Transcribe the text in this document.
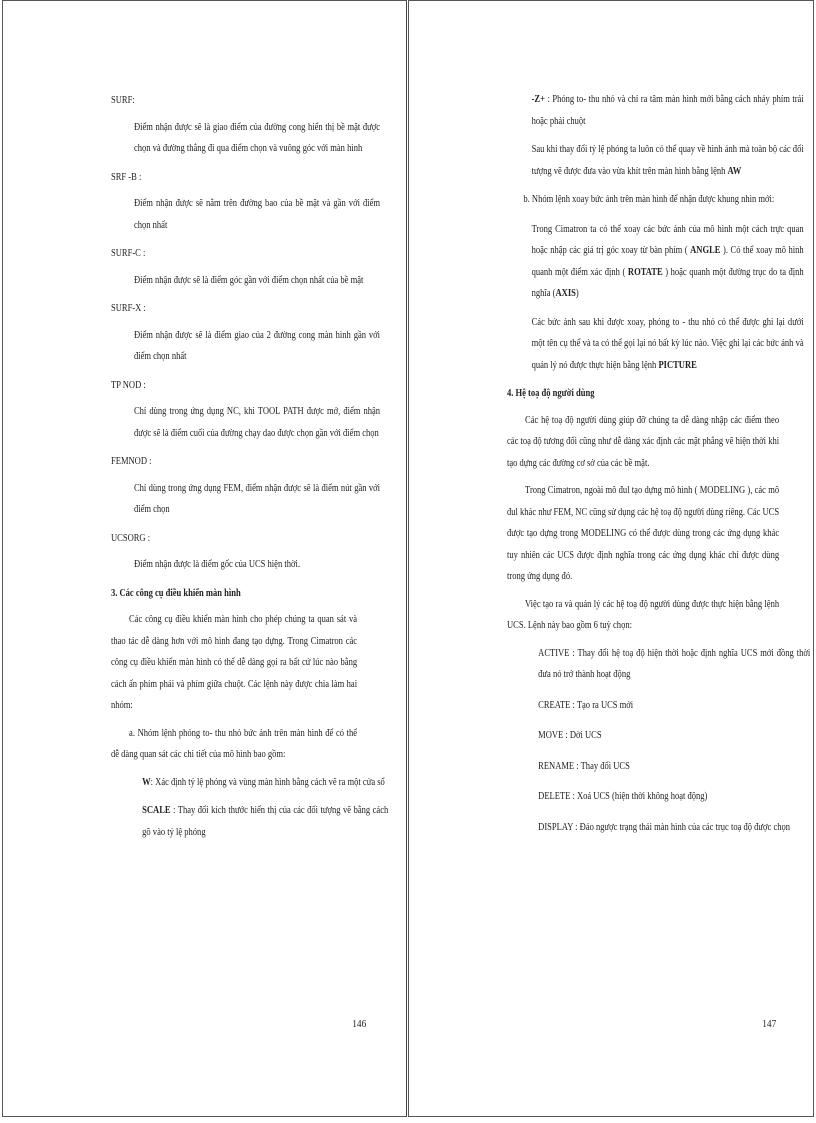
SURF:

Điểm nhận được sẽ là giao điểm của đường cong hiển thị bề mặt được chọn và đường thẳng đi qua điểm chọn và vuông góc với màn hình

SRF -B :

Điểm nhận được sẽ nằm trên đường bao của bề mặt và gần với điểm chọn nhất

SURF-C :

Điểm nhận được sẽ là điểm góc gần với điểm chọn nhất của bề mặt

SURF-X :

Điểm nhận được sẽ là điểm giao của 2 đường cong màn hình gần với điểm chọn nhất

TP NOD :

Chỉ dùng trong ứng dụng NC, khi TOOL PATH được mở, điểm nhận được sẽ là điểm cuối của đường chạy dao được chọn gần với điểm chọn

FEMNOD :

Chỉ dùng trong ứng dụng FEM, điểm nhận được sẽ là điểm nút gần với điểm chọn

UCSORG :

Điểm nhận được là điểm gốc của UCS hiện thời.

3. Các công cụ điều khiển màn hình

Các công cụ điều khiển màn hình cho phép chúng ta quan sát và thao tác dễ dàng hơn với mô hình đang tạo dựng. Trong Cimatron các công cụ điều khiển màn hình có thể dễ dàng gọi ra bất cứ lúc nào bằng cách ấn phím phải và phím giữa chuột. Các lệnh này được chia làm hai nhóm:

a. Nhóm lệnh phóng to- thu nhỏ bức ảnh trên màn hình để có thể dễ dàng quan sát các chi tiết của mô hình bao gồm:

W: Xác định tỷ lệ phóng và vùng màn hình bằng cách vẽ ra một cửa sổ

SCALE : Thay đổi kích thước hiển thị của các đối tượng vẽ bằng cách gõ vào tỷ lệ phóng

146

-Z+ : Phóng to- thu nhỏ và chỉ ra tâm màn hình mới bằng cách nháy phím trái hoặc phải chuột

Sau khi thay đổi tỷ lệ phóng ta luôn có thể quay về hình ảnh mà toàn bộ các đối tượng vẽ được đưa vào vừa khít trên màn hình bằng lệnh AW

b. Nhóm lệnh xoay bức ảnh trên màn hình để nhận được khung nhìn mới:

Trong Cimatron ta có thể xoay các bức ảnh của mô hình một cách trực quan hoặc nhập các giá trị góc xoay từ bàn phím ( ANGLE ). Có thể xoay mô hình quanh một điểm xác định ( ROTATE ) hoặc quanh một đường trục do ta định nghĩa (AXIS)

Các bức ảnh sau khi được xoay, phóng to - thu nhỏ có thể được ghi lại dưới một tên cụ thể và ta có thể gọi lại nó bất kỳ lúc nào. Việc ghi lại các bức ảnh và quản lý nó được thực hiện bằng lệnh PICTURE

4. Hệ toạ độ người dùng

Các hệ toạ độ người dùng giúp đỡ chúng ta dễ dàng nhập các điểm theo các toạ độ tương đối cũng như dễ dàng xác định các mặt phẳng vẽ hiện thời khi tạo dựng các đường cơ sở của các bề mặt.

Trong Cimatron, ngoài mô đul tạo dựng mô hình ( MODELING ), các mô đul khác như FEM, NC cũng sử dụng các hệ toạ độ người dùng riêng. Các UCS được tạo dựng trong MODELING có thể được dùng trong các ứng dụng khác tuy nhiên các UCS được định nghĩa trong các ứng dụng khác chỉ được dùng trong ứng dụng đó.

Việc tạo ra và quản lý các hệ toạ độ người dùng được thực hiện bằng lệnh UCS. Lệnh này bao gồm 6 tuỳ chọn:

ACTIVE : Thay đổi hệ toạ độ hiện thời hoặc định nghĩa UCS mới đồng thời đưa nó trở thành hoạt động

CREATE : Tạo ra UCS mới

MOVE : Dời UCS

RENAME : Thay đổi UCS

DELETE : Xoá UCS (hiện thời không hoạt động)

DISPLAY : Đảo ngược trạng thái màn hình của các trục toạ độ được chọn

147
